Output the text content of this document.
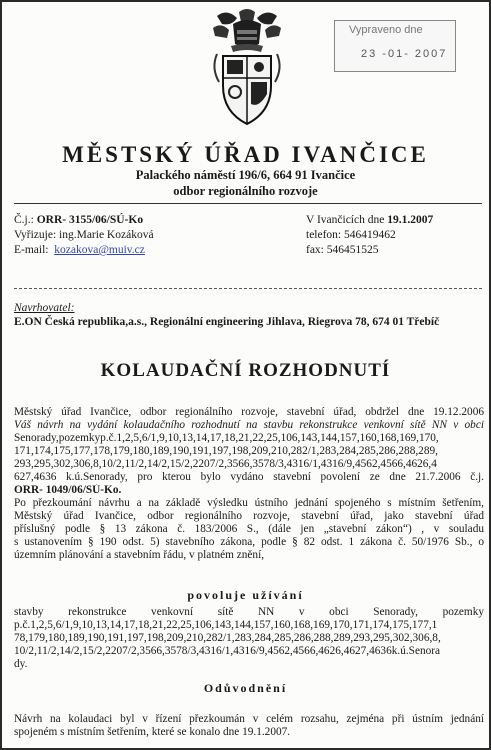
Vypraveno dne
23 -01- 2007
MĚSTSKÝ ÚŘAD IVANČICE
Palackého náměstí 196/6, 664 91 Ivančice
odbor regionálního rozvoje
Č.j.: ORR- 3155/06/SÚ-Ko
Vyřizuje: ing.Marie Kozáková
E-mail: kozakova@muiv.cz
V Ivančicích dne 19.1.2007
telefon: 546419462
fax: 546451525
Navrhovatel:
E.ON Česká republika,a.s., Regionální engineering Jihlava, Riegrova 78, 674 01 Třebíč
KOLAUDAČNÍ ROZHODNUTÍ
Městský úřad Ivančice, odbor regionálního rozvoje, stavební úřad, obdržel dne 19.12.2006
Váš návrh na vydání kolaudačního rozhodnutí na stavbu rekonstrukce venkovní sítě NN v obci
Senorady,pozemkyp.č.1,2,5,6/1,9,10,13,14,17,18,21,22,25,106,143,144,157,160,168,169,170,
171,174,175,177,178,179,180,189,190,191,197,198,209,210,282/1,283,284,285,286,288,289,
293,295,302,306,8,10/2,11/2,14/2,15/2,2207/2,3566,3578/3,4316/1,4316/9,4562,4566,4626,4
627,4636 k.ú.Senorady, pro kterou bylo vydáno stavební povolení ze dne 21.7.2006 č.j.
ORR- 1049/06/SÚ-Ko.
Po přezkoumání návrhu a na základě výsledku ústního jednání spojeného s místním šetřením,
Městský úřad Ivančice, odbor regionálního rozvoje, stavební úřad, jako stavební úřad
příslušný podle § 13 zákona č. 183/2006 S., (dále jen „stavební zákon“) , v souladu
s ustanovením § 190 odst. 5) stavebního zákona, podle § 82 odst. 1 zákona č. 50/1976 Sb., o
územním plánování a stavebním řádu, v platném znění,
povoluje užívání
stavby rekonstrukce venkovní sítě NN v obci Senorady, pozemky
p.č.1,2,5,6/1,9,10,13,14,17,18,21,22,25,106,143,144,157,160,168,169,170,171,174,175,177,1
78,179,180,189,190,191,197,198,209,210,282/1,283,284,285,286,288,289,293,295,302,306,8,
10/2,11/2,14/2,15/2,2207/2,3566,3578/3,4316/1,4316/9,4562,4566,4626,4627,4636k.ú.Senora
dy.
Odůvodnění
Návrh na kolaudaci byl v řízení přezkoumán v celém rozsahu, zejména při ústním jednání
spojeném s místním šetřením, které se konalo dne 19.1.2007.
